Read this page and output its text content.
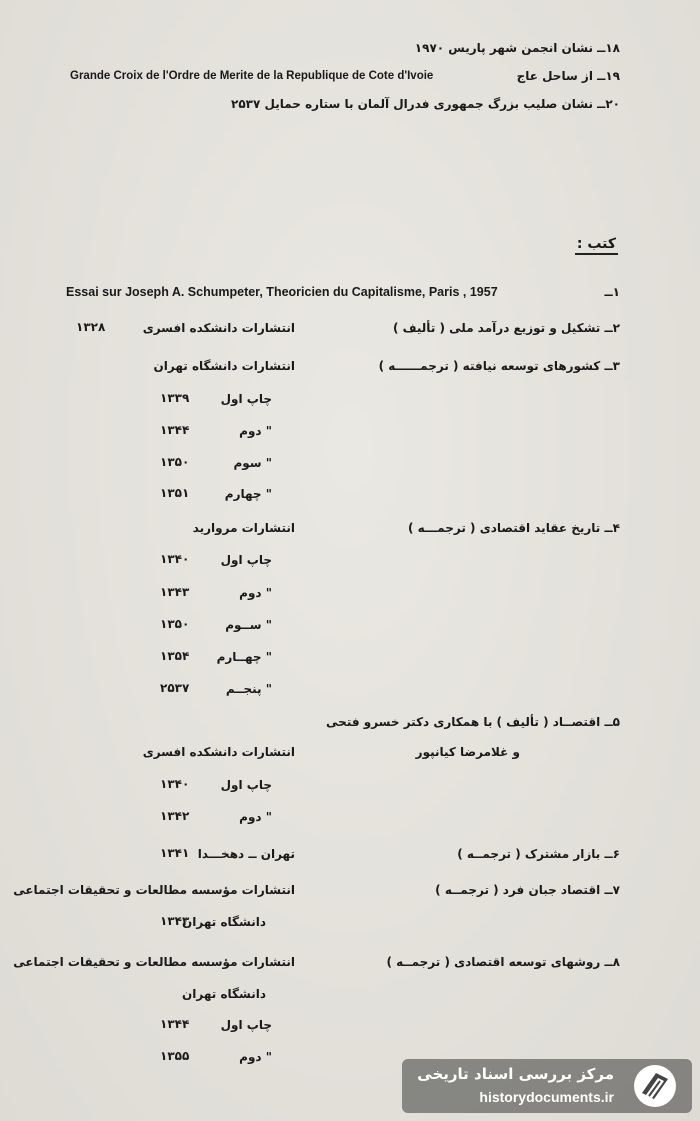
۱۸ــ نشان انجمن شهر پاریس ۱۹۷۰
۱۹ــ از ساحل عاج
Grande Croix de l'Ordre de Merite de la Republique de Cote d'Ivoie
۲۰ــ نشان صلیب بزرگ جمهوری فدرال آلمان با ستاره حمایل ۲۵۳۷
کتب :
Essai sur Joseph A. Schumpeter, Theoricien du Capitalisme, Paris , 1957	۱ــ
۲ــ تشکیل و توزیع درآمد ملی ( تألیف )
انتشارات دانشکده افسری
۱۳۲۸
۳ــ کشورهای توسعه نیافته ( ترجمــــــه )
انتشارات دانشگاه تهران
چاپ اول
۱۳۳۹
" دوم
۱۳۴۴
" سوم
۱۳۵۰
" چهارم
۱۳۵۱
۴ــ تاریخ عقاید اقتصادی ( ترجمـــه )
انتشارات مروارید
چاپ اول
۱۳۴۰
" دوم
۱۳۴۳
" ســوم
۱۳۵۰
" چهــارم
۱۳۵۴
" پنجــم
۲۵۳۷
۵ــ اقتصــاد ( تألیف ) با همکاری دکتر خسرو فتحی
و غلامرضا کیانپور
انتشارات دانشکده افسری
چاپ اول
۱۳۴۰
" دوم
۱۳۴۲
۶ــ بازار مشترک ( ترجمــه )
تهران ــ دهخـــدا
۱۳۴۱
۷ــ اقتصاد جبان فرد ( ترجمــه )
انتشارات مؤسسه مطالعات و تحقیقات اجتماعی
دانشگاه تهران
۱۳۴۳
۸ــ روشهای توسعه اقتصادی ( ترجمــه )
انتشارات مؤسسه مطالعات و تحقیقات اجتماعی
دانشگاه تهران
چاپ اول
۱۳۴۴
" دوم
۱۳۵۵
مرکز بررسی اسناد تاریخی
historydocuments.ir
